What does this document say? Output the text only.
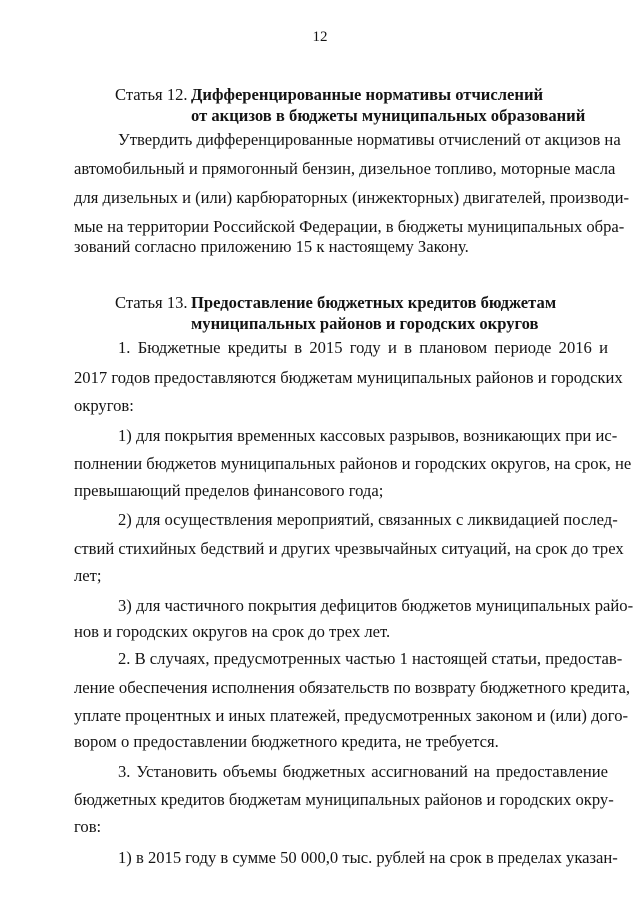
12
Статья 12. Дифференцированные нормативы отчислений
от акцизов в бюджеты муниципальных образований
Утвердить дифференцированные нормативы отчислений от акцизов на
автомобильный и прямогонный бензин, дизельное топливо, моторные масла
для дизельных и (или) карбюраторных (инжекторных) двигателей, производи-
мые на территории Российской Федерации, в бюджеты муниципальных обра-
зований согласно приложению 15 к настоящему Закону.
Статья 13. Предоставление бюджетных кредитов бюджетам
муниципальных районов и городских округов
1. Бюджетные кредиты в 2015 году и в плановом периоде 2016 и
2017 годов предоставляются бюджетам муниципальных районов и городских
округов:
1) для покрытия временных кассовых разрывов, возникающих при ис-
полнении бюджетов муниципальных районов и городских округов, на срок, не
превышающий пределов финансового года;
2) для осуществления мероприятий, связанных с ликвидацией послед-
ствий стихийных бедствий и других чрезвычайных ситуаций, на срок до трех
лет;
3) для частичного покрытия дефицитов бюджетов муниципальных райо-
нов и городских округов на срок до трех лет.
2. В случаях, предусмотренных частью 1 настоящей статьи, предостав-
ление обеспечения исполнения обязательств по возврату бюджетного кредита,
уплате процентных и иных платежей, предусмотренных законом и (или) дого-
вором о предоставлении бюджетного кредита, не требуется.
3. Установить объемы бюджетных ассигнований на предоставление
бюджетных кредитов бюджетам муниципальных районов и городских окру-
гов:
1) в 2015 году в сумме 50 000,0 тыс. рублей на срок в пределах указан-
